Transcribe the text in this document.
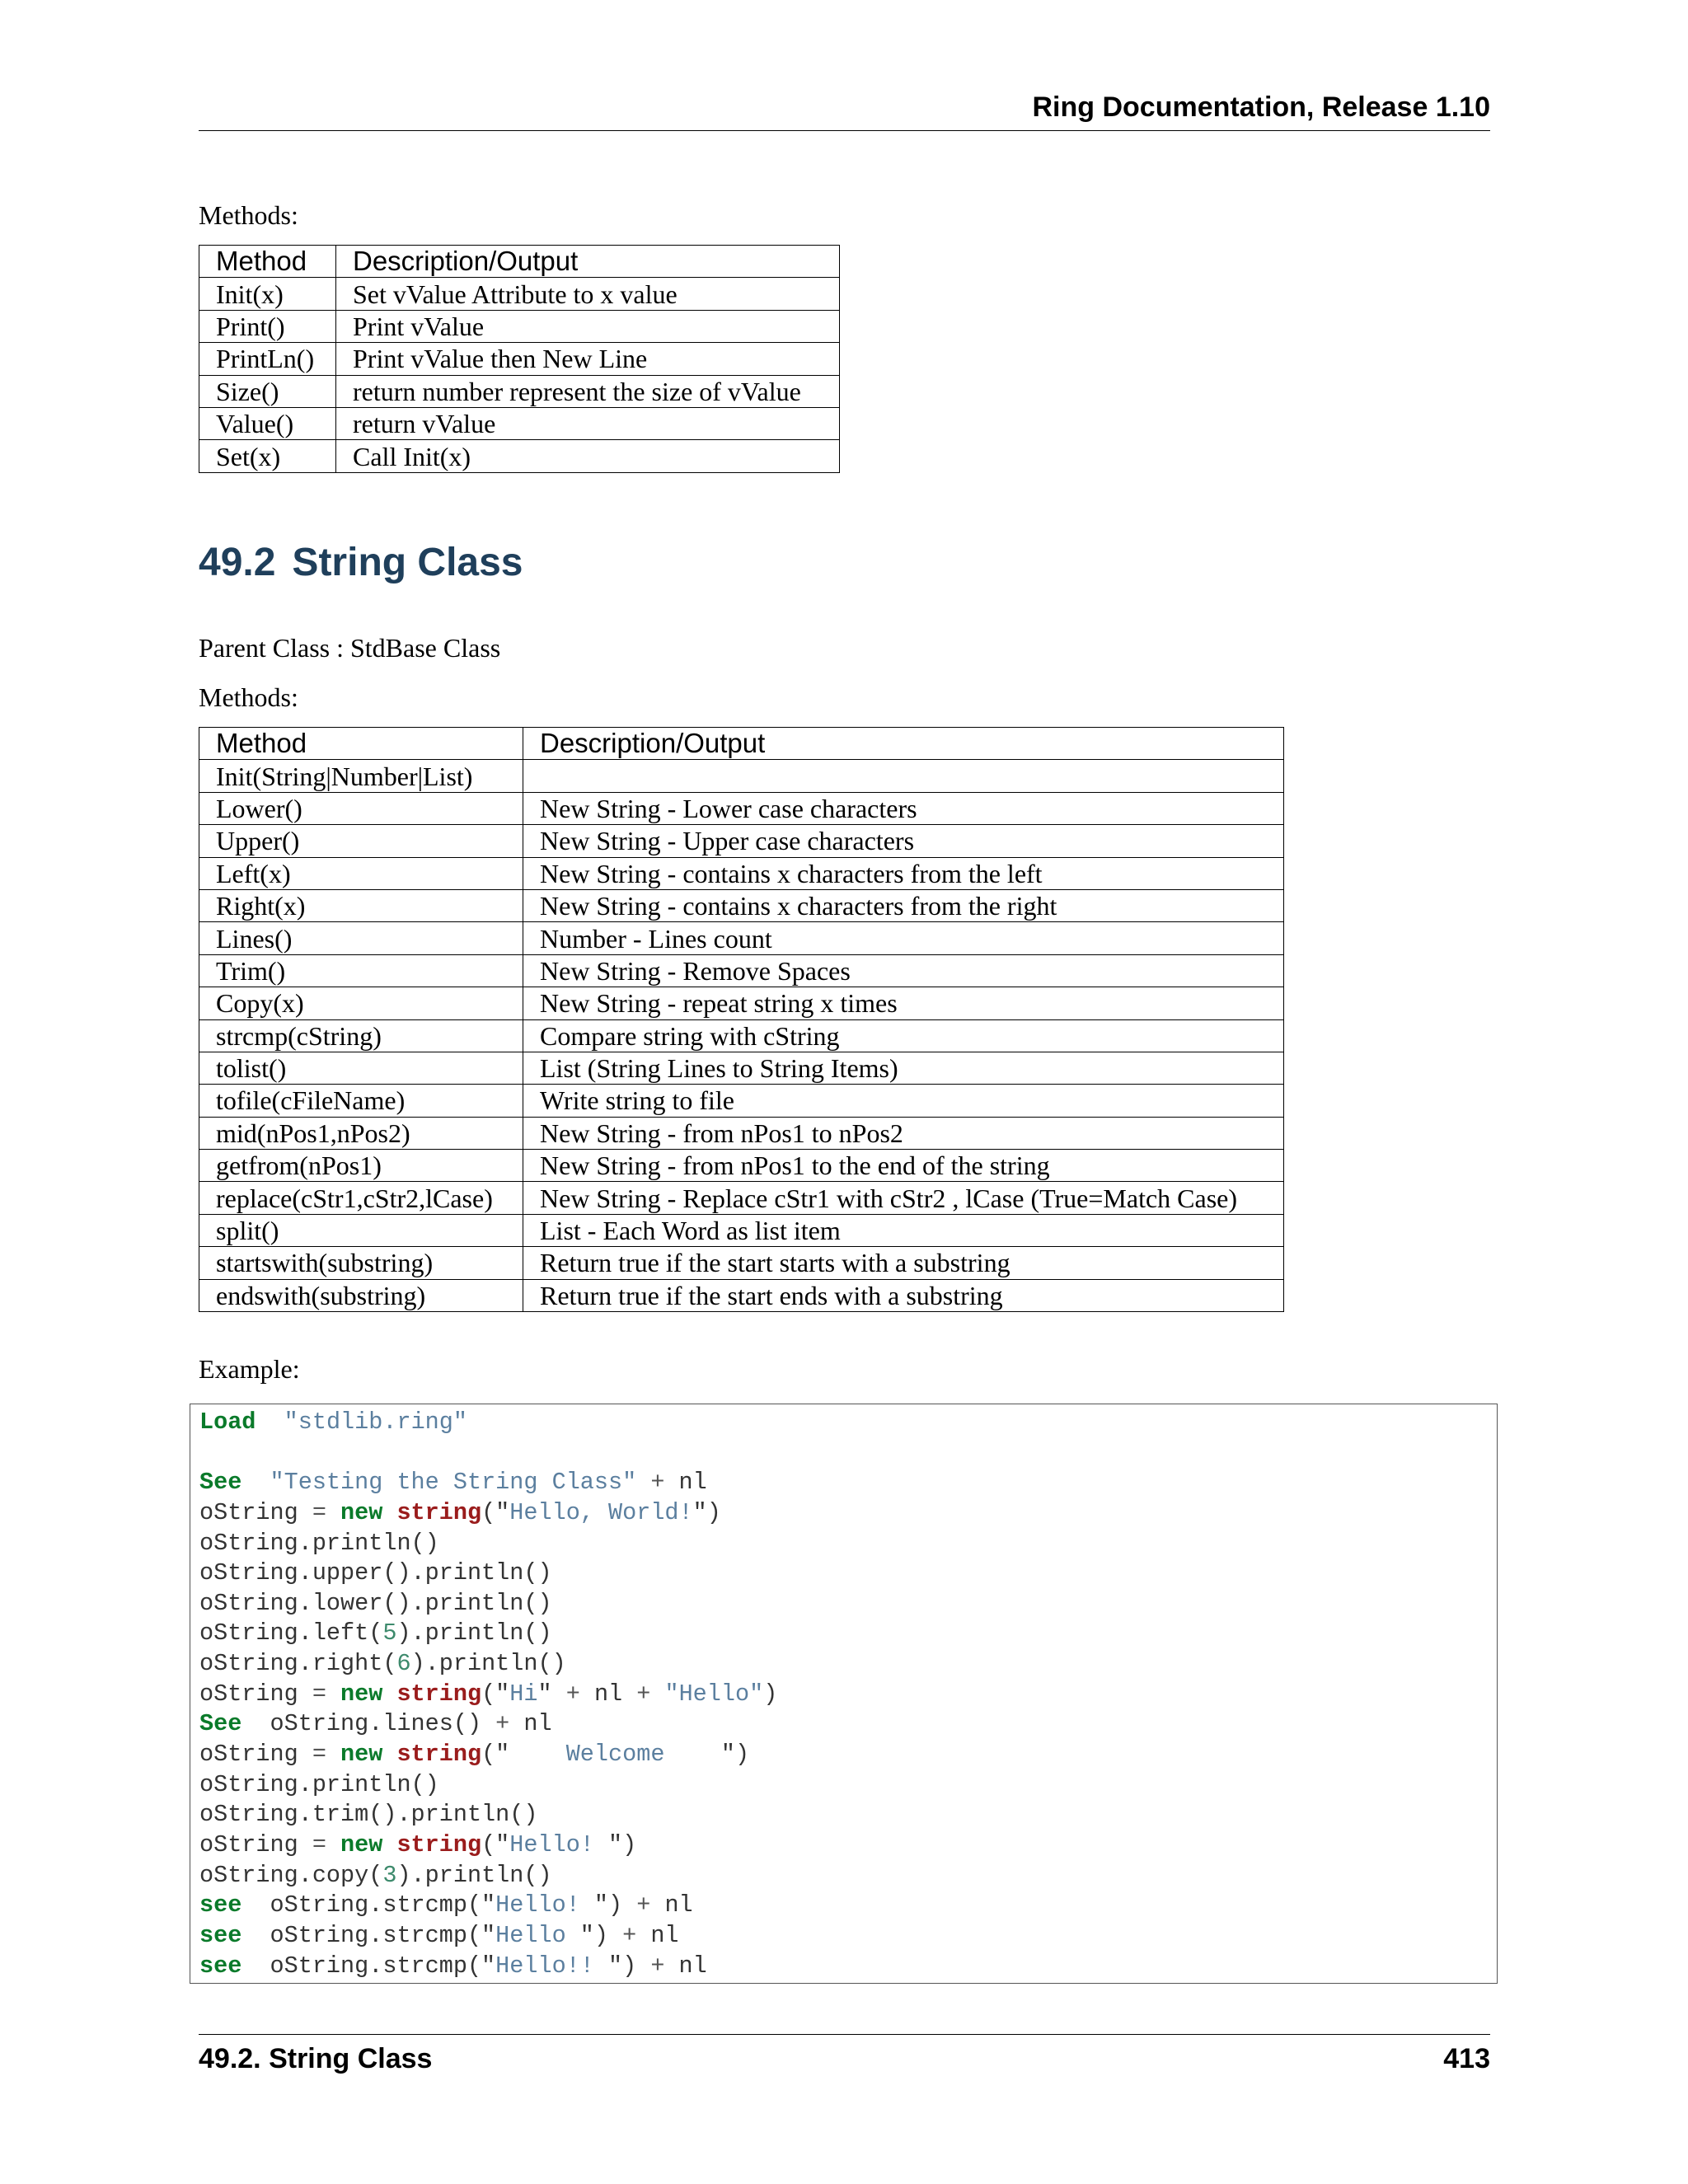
Ring Documentation, Release 1.10
Methods:
Method	Description/Output
Init(x)	Set vValue Attribute to x value
Print()	Print vValue
PrintLn()	Print vValue then New Line
Size()	return number represent the size of vValue
Value()	return vValue
Set(x)	Call Init(x)
49.2 String Class
Parent Class : StdBase Class
Methods:
Method	Description/Output
Init(String|Number|List)	
Lower()	New String - Lower case characters
Upper()	New String - Upper case characters
Left(x)	New String - contains x characters from the left
Right(x)	New String - contains x characters from the right
Lines()	Number - Lines count
Trim()	New String - Remove Spaces
Copy(x)	New String - repeat string x times
strcmp(cString)	Compare string with cString
tolist()	List (String Lines to String Items)
tofile(cFileName)	Write string to file
mid(nPos1,nPos2)	New String - from nPos1 to nPos2
getfrom(nPos1)	New String - from nPos1 to the end of the string
replace(cStr1,cStr2,lCase)	New String - Replace cStr1 with cStr2 , lCase (True=Match Case)
split()	List - Each Word as list item
startswith(substring)	Return true if the start starts with a substring
endswith(substring)	Return true if the start ends with a substring
Example:
Load "stdlib.ring"
See "Testing the String Class" + nl
oString = new string("Hello, World!")
oString.println()
oString.upper().println()
oString.lower().println()
oString.left(5).println()
oString.right(6).println()
oString = new string("Hi" + nl + "Hello")
See  oString.lines() + nl
oString = new string("    Welcome    ")
oString.println()
oString.trim().println()
oString = new string("Hello! ")
oString.copy(3).println()
see  oString.strcmp("Hello! ") + nl
see  oString.strcmp("Hello ") + nl
see  oString.strcmp("Hello!! ") + nl
49.2. String Class	413
